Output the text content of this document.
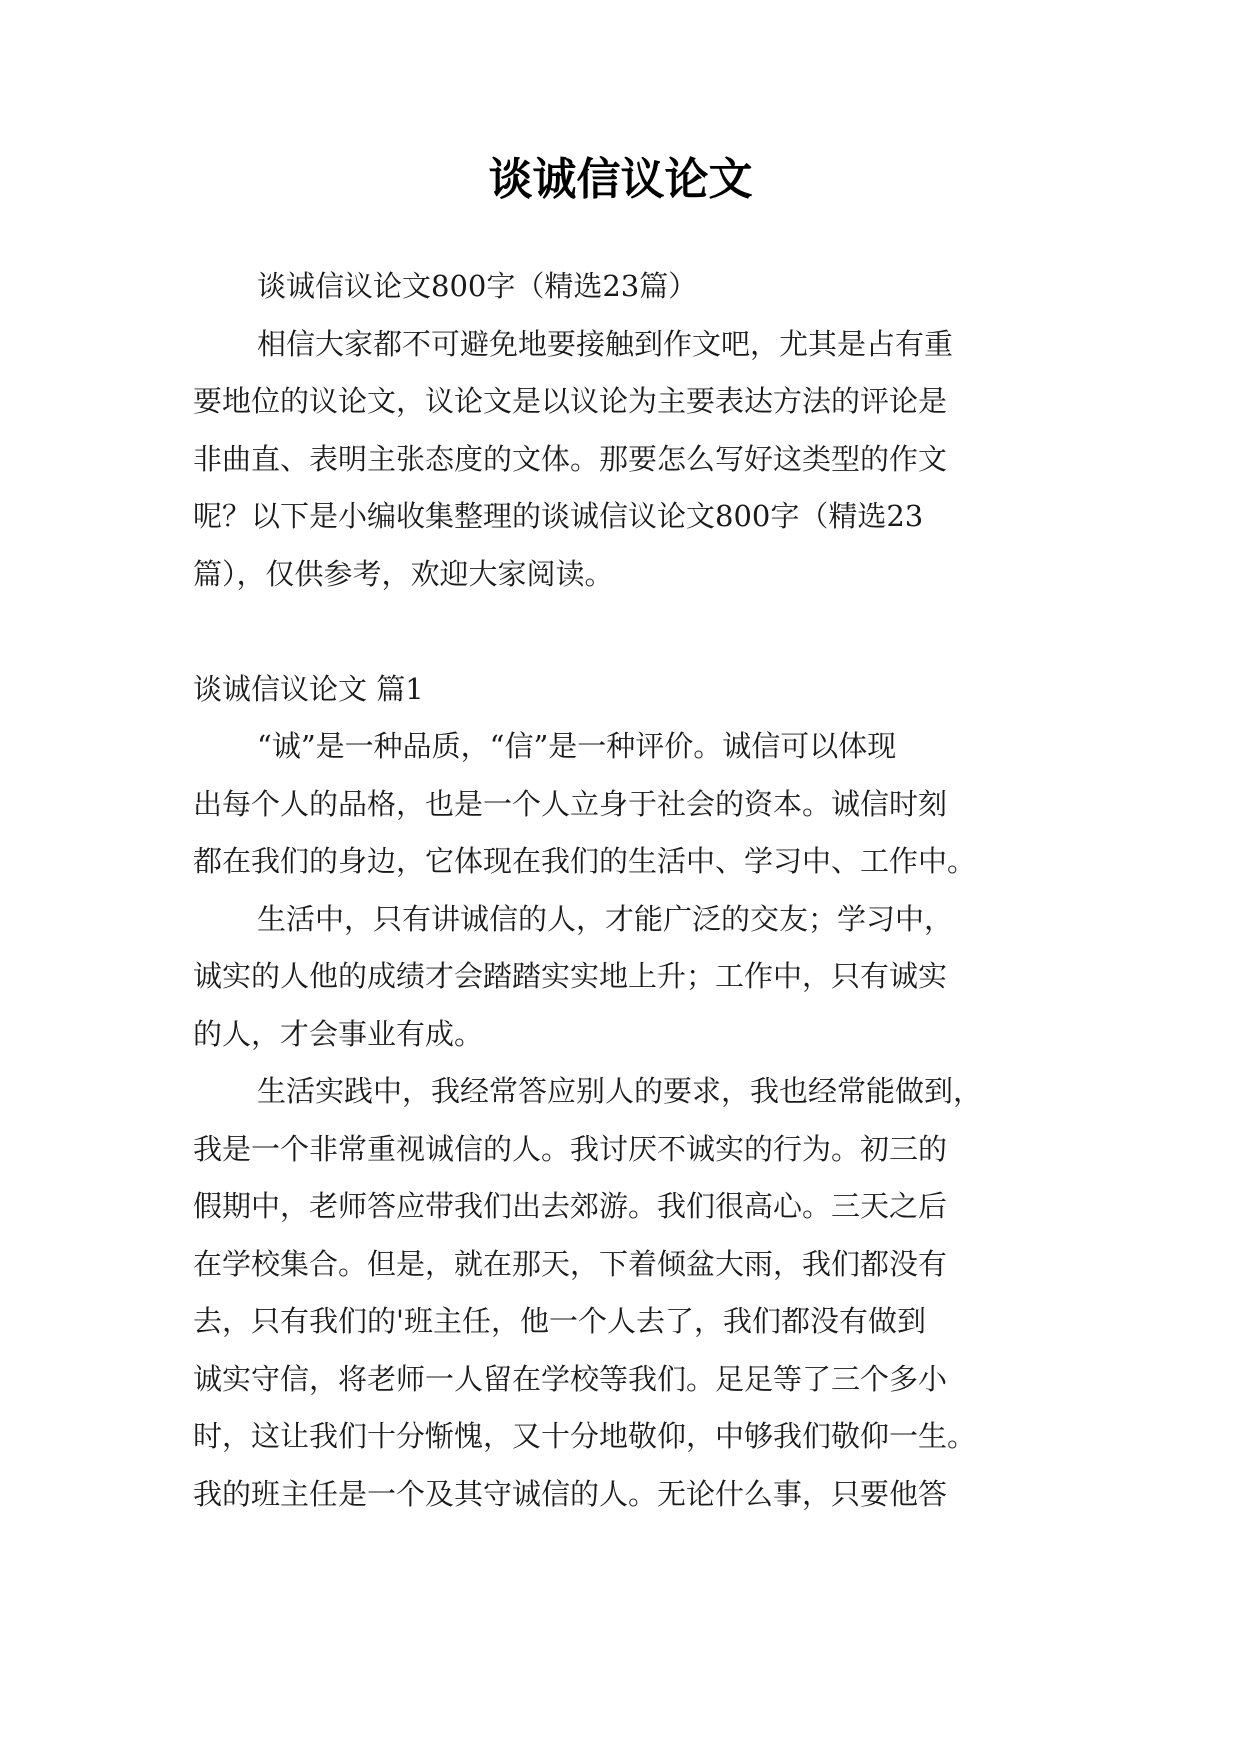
谈诚信议论文
谈诚信议论文800字（精选23篇）
相信大家都不可避免地要接触到作文吧，尤其是占有重
要地位的议论文，议论文是以议论为主要表达方法的评论是
非曲直、表明主张态度的文体。那要怎么写好这类型的作文
呢？以下是小编收集整理的谈诚信议论文800字（精选23
篇），仅供参考，欢迎大家阅读。
谈诚信议论文 篇1
“诚”是一种品质，“信”是一种评价。诚信可以体现
出每个人的品格，也是一个人立身于社会的资本。诚信时刻
都在我们的身边，它体现在我们的生活中、学习中、工作中。
生活中，只有讲诚信的人，才能广泛的交友；学习中，
诚实的人他的成绩才会踏踏实实地上升；工作中，只有诚实
的人，才会事业有成。
生活实践中，我经常答应别人的要求，我也经常能做到，
我是一个非常重视诚信的人。我讨厌不诚实的行为。初三的
假期中，老师答应带我们出去郊游。我们很高心。三天之后
在学校集合。但是，就在那天，下着倾盆大雨，我们都没有
去，只有我们的'班主任，他一个人去了，我们都没有做到
诚实守信，将老师一人留在学校等我们。足足等了三个多小
时，这让我们十分惭愧，又十分地敬仰，中够我们敬仰一生。
我的班主任是一个及其守诚信的人。无论什么事，只要他答
